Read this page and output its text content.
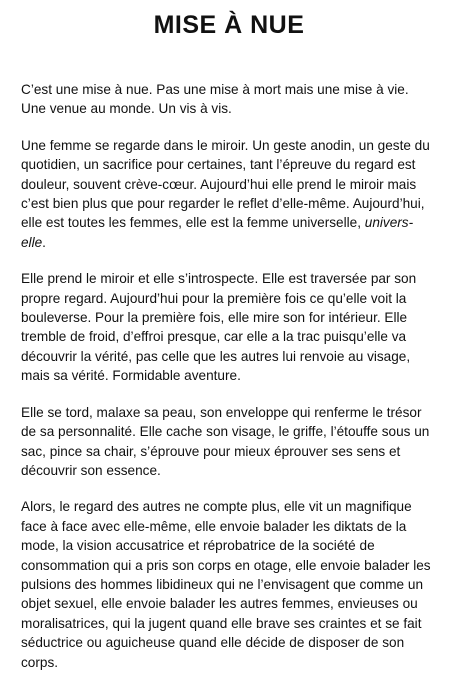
MISE À NUE

C’est une mise à nue. Pas une mise à mort mais une mise à vie. Une venue au monde. Un vis à vis.

Une femme se regarde dans le miroir. Un geste anodin, un geste du quotidien, un sacrifice pour certaines, tant l’épreuve du regard est douleur, souvent crève-cœur. Aujourd’hui elle prend le miroir mais c’est bien plus que pour regarder le reflet d’elle-même. Aujourd’hui, elle est toutes les femmes, elle est la femme universelle, univers-elle.

Elle prend le miroir et elle s’introspecte. Elle est traversée par son propre regard. Aujourd’hui pour la première fois ce qu’elle voit la bouleverse. Pour la première fois, elle mire son for intérieur. Elle tremble de froid, d’effroi presque, car elle a la trac puisqu’elle va découvrir la vérité, pas celle que les autres lui renvoie au visage, mais sa vérité. Formidable aventure.

Elle se tord, malaxe sa peau, son enveloppe qui renferme le trésor de sa personnalité. Elle cache son visage, le griffe, l’étouffe sous un sac, pince sa chair, s’éprouve pour mieux éprouver ses sens et découvrir son essence.

Alors, le regard des autres ne compte plus, elle vit un magnifique face à face avec elle-même, elle envoie balader les diktats de la mode, la vision accusatrice et réprobatrice de la société de consommation qui a pris son corps en otage, elle envoie balader les pulsions des hommes libidineux qui ne l’envisagent que comme un objet sexuel, elle envoie balader les autres femmes, envieuses ou moralisatrices, qui la jugent quand elle brave ses craintes et se fait séductrice ou aguicheuse quand elle décide de disposer de son corps.
